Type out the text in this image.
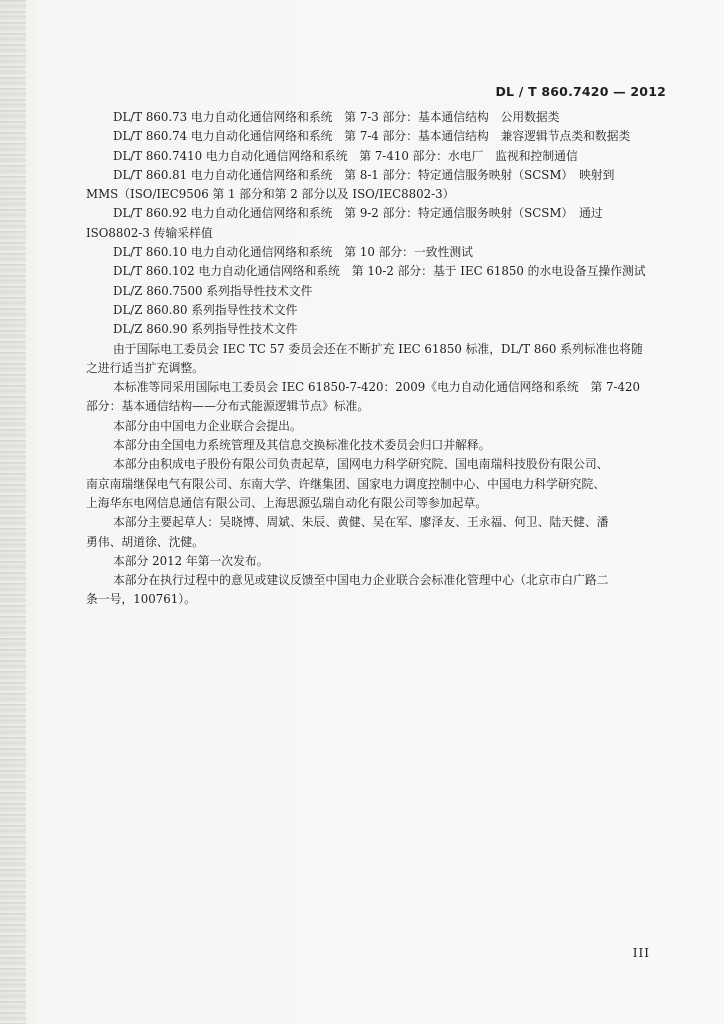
DL / T 860.7420 — 2012
DL/T 860.73 电力自动化通信网络和系统　第 7-3 部分：基本通信结构　公用数据类
DL/T 860.74 电力自动化通信网络和系统　第 7-4 部分：基本通信结构　兼容逻辑节点类和数据类
DL/T 860.7410 电力自动化通信网络和系统　第 7-410 部分：水电厂　监视和控制通信
DL/T 860.81 电力自动化通信网络和系统　第 8-1 部分：特定通信服务映射（SCSM）　映射到
MMS（ISO/IEC9506 第 1 部分和第 2 部分以及 ISO/IEC8802-3）
DL/T 860.92 电力自动化通信网络和系统　第 9-2 部分：特定通信服务映射（SCSM）　通过
ISO8802-3 传输采样值
DL/T 860.10 电力自动化通信网络和系统　第 10 部分：一致性测试
DL/T 860.102 电力自动化通信网络和系统　第 10-2 部分：基于 IEC 61850 的水电设备互操作测试
DL/Z 860.7500 系列指导性技术文件
DL/Z 860.80 系列指导性技术文件
DL/Z 860.90 系列指导性技术文件
由于国际电工委员会 IEC TC 57 委员会还在不断扩充 IEC 61850 标准，DL/T 860 系列标准也将随
之进行适当扩充调整。
本标准等同采用国际电工委员会 IEC 61850-7-420：2009《电力自动化通信网络和系统　第 7-420
部分：基本通信结构——分布式能源逻辑节点》标准。
本部分由中国电力企业联合会提出。
本部分由全国电力系统管理及其信息交换标准化技术委员会归口并解释。
本部分由积成电子股份有限公司负责起草，国网电力科学研究院、国电南瑞科技股份有限公司、
南京南瑞继保电气有限公司、东南大学、许继集团、国家电力调度控制中心、中国电力科学研究院、
上海华东电网信息通信有限公司、上海思源弘瑞自动化有限公司等参加起草。
本部分主要起草人：吴晓博、周斌、朱辰、黄健、吴在军、廖泽友、王永福、何卫、陆天健、潘
勇伟、胡道徐、沈健。
本部分 2012 年第一次发布。
本部分在执行过程中的意见或建议反馈至中国电力企业联合会标准化管理中心（北京市白广路二
条一号，100761）。
III
